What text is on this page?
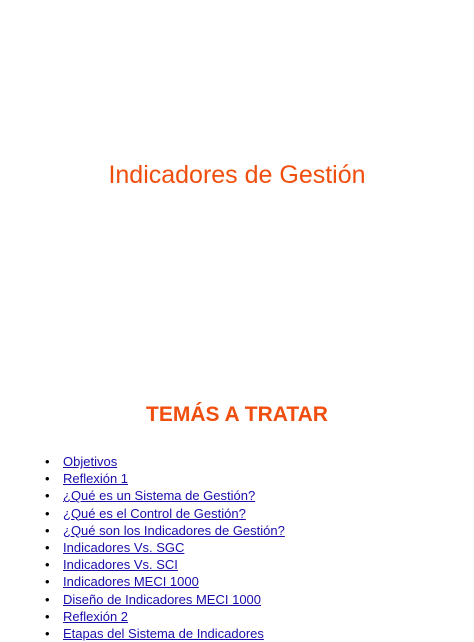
Indicadores de Gestión
TEMÁS A TRATAR
• Objetivos
• Reflexión 1
• ¿Qué es un Sistema de Gestión?
• ¿Qué es el Control de Gestión?
• ¿Qué son los Indicadores de Gestión?
• Indicadores Vs. SGC
• Indicadores Vs. SCI
• Indicadores MECI 1000
• Diseño de Indicadores MECI 1000
• Reflexión 2
• Etapas del Sistema de Indicadores
